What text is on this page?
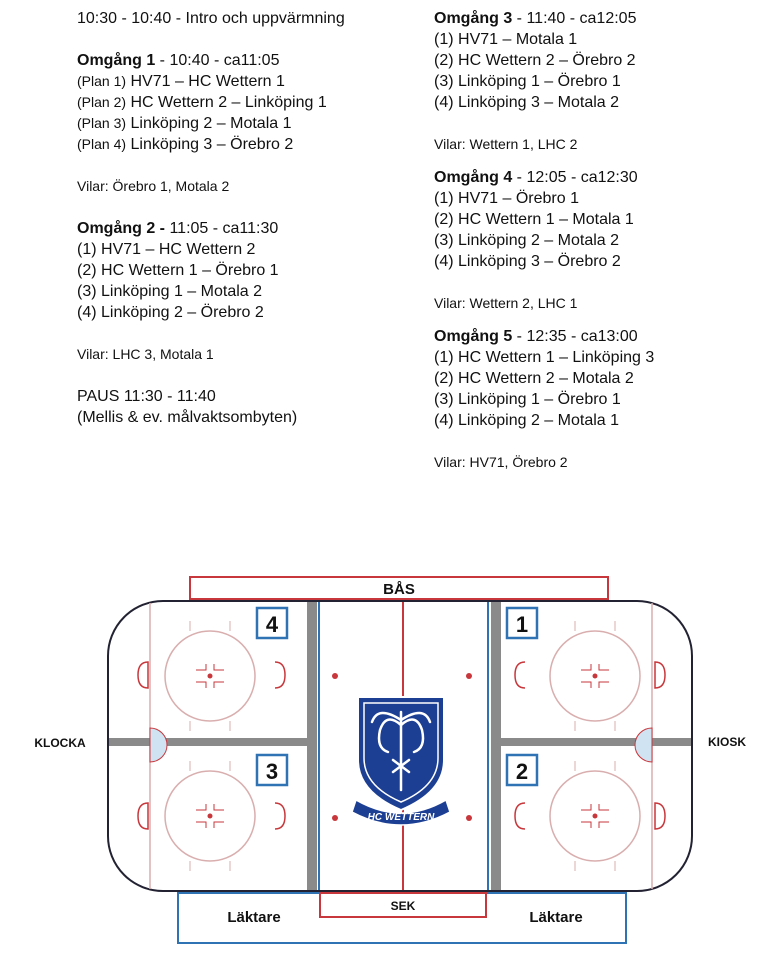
10:30 - 10:40 - Intro och uppvärmning
Omgång 1 - 10:40 - ca11:05
(Plan 1) HV71 – HC Wettern 1
(Plan 2) HC Wettern 2 – Linköping 1
(Plan 3) Linköping 2 – Motala 1
(Plan 4) Linköping 3 – Örebro 2
Vilar: Örebro 1, Motala 2
Omgång 2 - 11:05 - ca11:30
(1) HV71 – HC Wettern 2
(2) HC Wettern 1 – Örebro 1
(3) Linköping 1 – Motala 2
(4) Linköping 2 – Örebro 2
Vilar: LHC 3, Motala 1
PAUS 11:30 - 11:40
(Mellis & ev. målvaktsombyten)
Omgång 3 - 11:40 - ca12:05
(1) HV71 – Motala 1
(2) HC Wettern 2 – Örebro 2
(3) Linköping 1 – Örebro 1
(4) Linköping 3 – Motala 2
Vilar: Wettern 1, LHC 2
Omgång 4 - 12:05 - ca12:30
(1) HV71 – Örebro 1
(2) HC Wettern 1 – Motala 1
(3) Linköping 2 – Motala 2
(4) Linköping 3 – Örebro 2
Vilar: Wettern 2, LHC 1
Omgång 5 - 12:35 - ca13:00
(1) HC Wettern 1 – Linköping 3
(2) HC Wettern 2 – Motala 2
(3) Linköping 1 – Örebro 1
(4) Linköping 2 – Motala 1
Vilar: HV71, Örebro 2
BÅS
4	1
3	2
HC WETTERN
KLOCKA	KIOSK
SEK
Läktare	Läktare
